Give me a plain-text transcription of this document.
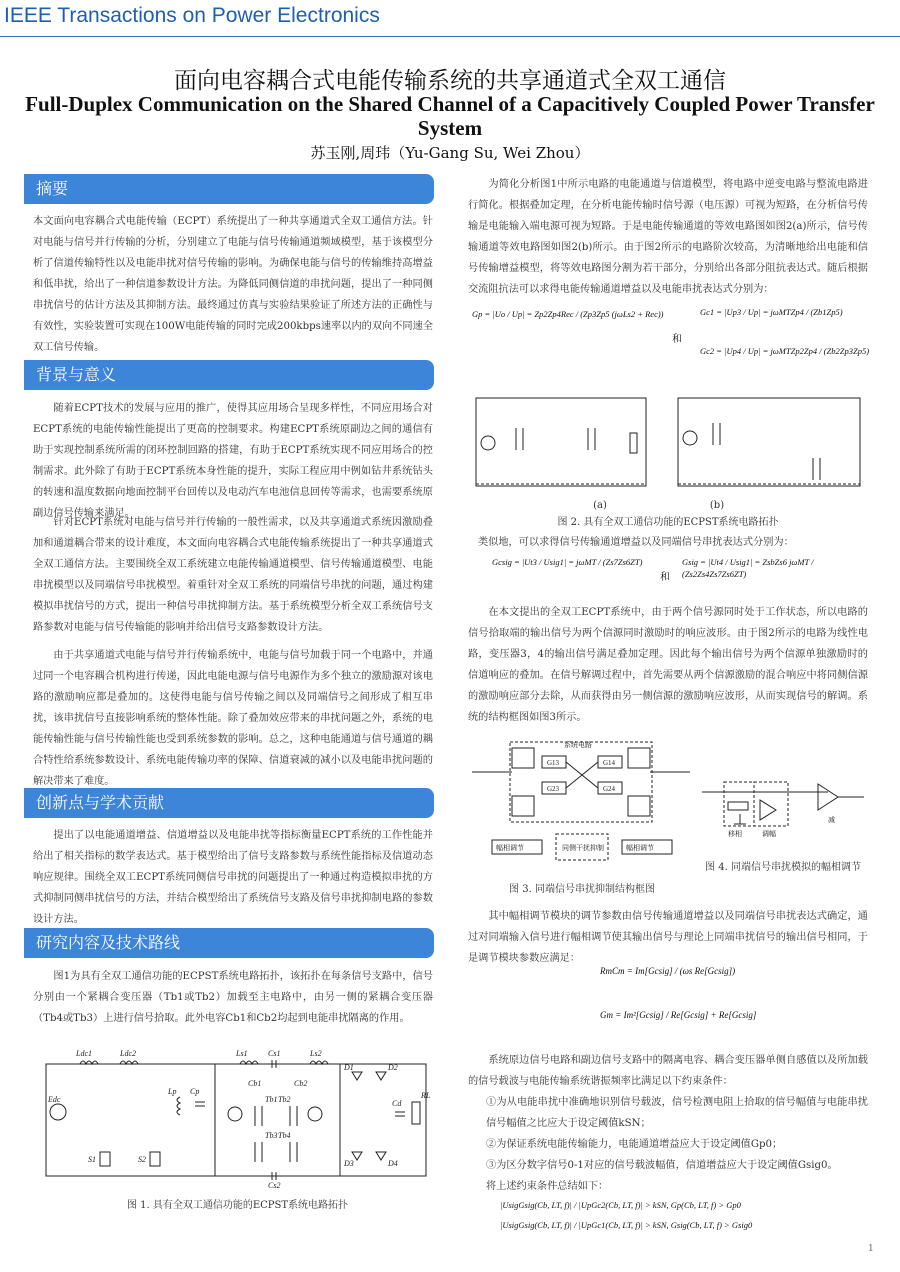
IEEE Transactions on Power Electronics
面向电容耦合式电能传输系统的共享通道式全双工通信
Full-Duplex Communication on the Shared Channel of a Capacitively Coupled Power Transfer System
苏玉刚,周玮（Yu-Gang Su, Wei Zhou）
摘要
本文面向电容耦合式电能传输（ECPT）系统提出了一种共享通道式全双工通信方法。针对电能与信号并行传输的分析，分别建立了电能与信号传输通道频域模型，基于该模型分析了信道传输特性以及电能串扰对信号传输的影响。为确保电能与信号的传输维持高增益和低串扰，给出了一种信道参数设计方法。为降低同侧信道的串扰问题，提出了一种同侧串扰信号的估计方法及其抑制方法。最终通过仿真与实验结果验证了所述方法的正确性与有效性，实验装置可实现在100W电能传输的同时完成200kbps速率以内的双向不同速全双工信号传输。
背景与意义
随着ECPT技术的发展与应用的推广，使得其应用场合呈现多样性，不同应用场合对ECPT系统的电能传输性能提出了更高的控制要求。构建ECPT系统原副边之间的通信有助于实现控制系统所需的闭环控制回路的搭建，有助于ECPT系统实现不同应用场合的控制需求。此外除了有助于ECPT系统本身性能的提升，实际工程应用中例如钻井系统钻头的转速和温度数据向地面控制平台回传以及电动汽车电池信息回传等需求，也需要系统原副边信号传输来满足。
针对ECPT系统对电能与信号并行传输的一般性需求，以及共享通道式系统因激励叠加和通道耦合带来的设计难度，本文面向电容耦合式电能传输系统提出了一种共享通道式全双工通信方法。主要围绕全双工系统建立电能传输通道模型、信号传输通道模型、电能串扰模型以及同端信号串扰模型。着重针对全双工系统的同端信号串扰的问题，通过构建模拟串扰信号的方式，提出一种信号串扰抑制方法。基于系统模型分析全双工系统信号支路参数对电能与信号传输能的影响并给出信号支路参数设计方法。
由于共享通道式电能与信号并行传输系统中，电能与信号加载于同一个电路中，并通过同一个电容耦合机构进行传递，因此电能电源与信号电源作为多个独立的激励源对该电路的激励响应都是叠加的。这使得电能与信号传输之间以及同端信号之间形成了相互串扰，该串扰信号直接影响系统的整体性能。除了叠加效应带来的串扰问题之外，系统的电能传输性能与信号传输性能也受到系统参数的影响。总之，这种电能通道与信号通道的耦合特性给系统参数设计、系统电能传输功率的保障、信道衰减的减小以及电能串扰问题的解决带来了难度。
创新点与学术贡献
提出了以电能通道增益、信道增益以及电能串扰等指标衡量ECPT系统的工作性能并给出了相关指标的数学表达式。基于模型给出了信号支路参数与系统性能指标及信道动态响应规律。围绕全双工ECPT系统同侧信号串扰的问题提出了一种通过构造模拟串扰的方式抑制同侧串扰信号的方法，并结合模型给出了系统信号支路及信号串扰抑制电路的参数设计方法。
研究内容及技术路线
图1为具有全双工通信功能的ECPST系统电路拓扑，该拓扑在每条信号支路中，信号分别由一个紧耦合变压器（Tb1或Tb2）加载至主电路中，由另一侧的紧耦合变压器（Tb4或Tb3）上进行信号拾取。此外电容Cb1和Cb2均起到电能串扰隔离的作用。
Ldc1	Ldc2
Edc
Lp Cp
Ls1	Cs1	Ls2
Cb1	Cb2
Tb1 Tb2
Tb3 Tb4
Cs2
Cd
RL
D1	D2
D3	D4
S1	S2
图 1. 具有全双工通信功能的ECPST系统电路拓扑
为简化分析图1中所示电路的电能通道与信道模型，将电路中逆变电路与整流电路进行简化。根据叠加定理，在分析电能传输时信号源（电压源）可视为短路，在分析信号传输是电能输入端电源可视为短路。于是电能传输通道的等效电路图如图2(a)所示，信号传输通道等效电路图如图2(b)所示。由于图2所示的电路阶次较高，为清晰地给出电能和信号传输增益模型，将等效电路图分割为若干部分，分别给出各部分阻抗表达式。随后根据交流阻抗法可以求得电能传输通道增益以及电能串扰表达式分别为：
Gp = |Uo / Up| = Zp2Zp4Rec / (Zp3Zp5 (jωLs2 + Rec))
和
Gc1 = |Up3 / Up| = jωMTZp4 / (Zb1Zp5)
Gc2 = |Up4 / Up| = jωMTZp2Zp4 / (Zb2Zp3Zp5)
(a)	(b)
图 2. 具有全双工通信功能的ECPST系统电路拓扑
类似地，可以求得信号传输通道增益以及同端信号串扰表达式分别为：
Gcsig = |Ut3 / Usig1| = jωMT / (Zs7Zs6ZT)
和
Gsig = |Ut4 / Usig1| = ZsbZs6 jωMT / (Zs2Zs4Zs7Zs6ZT)
在本文提出的全双工ECPT系统中，由于两个信号源同时处于工作状态，所以电路的信号拾取端的输出信号为两个信源同时激励时的响应波形。由于图2所示的电路为线性电路，变压器3，4的输出信号满足叠加定理。因此每个输出信号为两个信源单独激励时的信道响应的叠加。在信号解调过程中，首先需要从两个信源激励的混合响应中将同侧信源的激励响应部分去除，从而获得由另一侧信源的激励响应波形，从而实现信号的解调。系统的结构框图如图3所示。
系统电路
G13	G14
G23	G24
幅相调节	同侧干扰抑制	幅相调节
图 3. 同端信号串扰抑制结构框图
移相	调幅
减
图 4. 同端信号串扰模拟的幅相调节
其中幅相调节模块的调节参数由信号传输通道增益以及同端信号串扰表达式确定，通过对同端输入信号进行幅相调节使其输出信号与理论上同端串扰信号的输出信号相同，于是调节模块参数应满足：
RmCm = Im[Gcsig] / (ωs Re[Gcsig])
Gm = Im²[Gcsig] / Re[Gcsig] + Re[Gcsig]
系统原边信号电路和副边信号支路中的隔离电容、耦合变压器单侧自感值以及所加载的信号载波与电能传输系统谐振频率比满足以下约束条件：
①为从电能串扰中准确地识别信号载波，信号检测电阻上拾取的信号幅值与电能串扰信号幅值之比应大于设定阈值kSN；
②为保证系统电能传输能力，电能通道增益应大于设定阈值Gp0；
③为区分数字信号0-1对应的信号载波幅值，信道增益应大于设定阈值Gsig0。
将上述约束条件总结如下：
|UsigGsig(Cb, LT, f)| / |UpGc2(Cb, LT, f)| > kSN, Gp(Cb, LT, f) > Gp0
|UsigGsig(Cb, LT, f)| / |UpGc1(Cb, LT, f)| > kSN, Gsig(Cb, LT, f) > Gsig0
1
